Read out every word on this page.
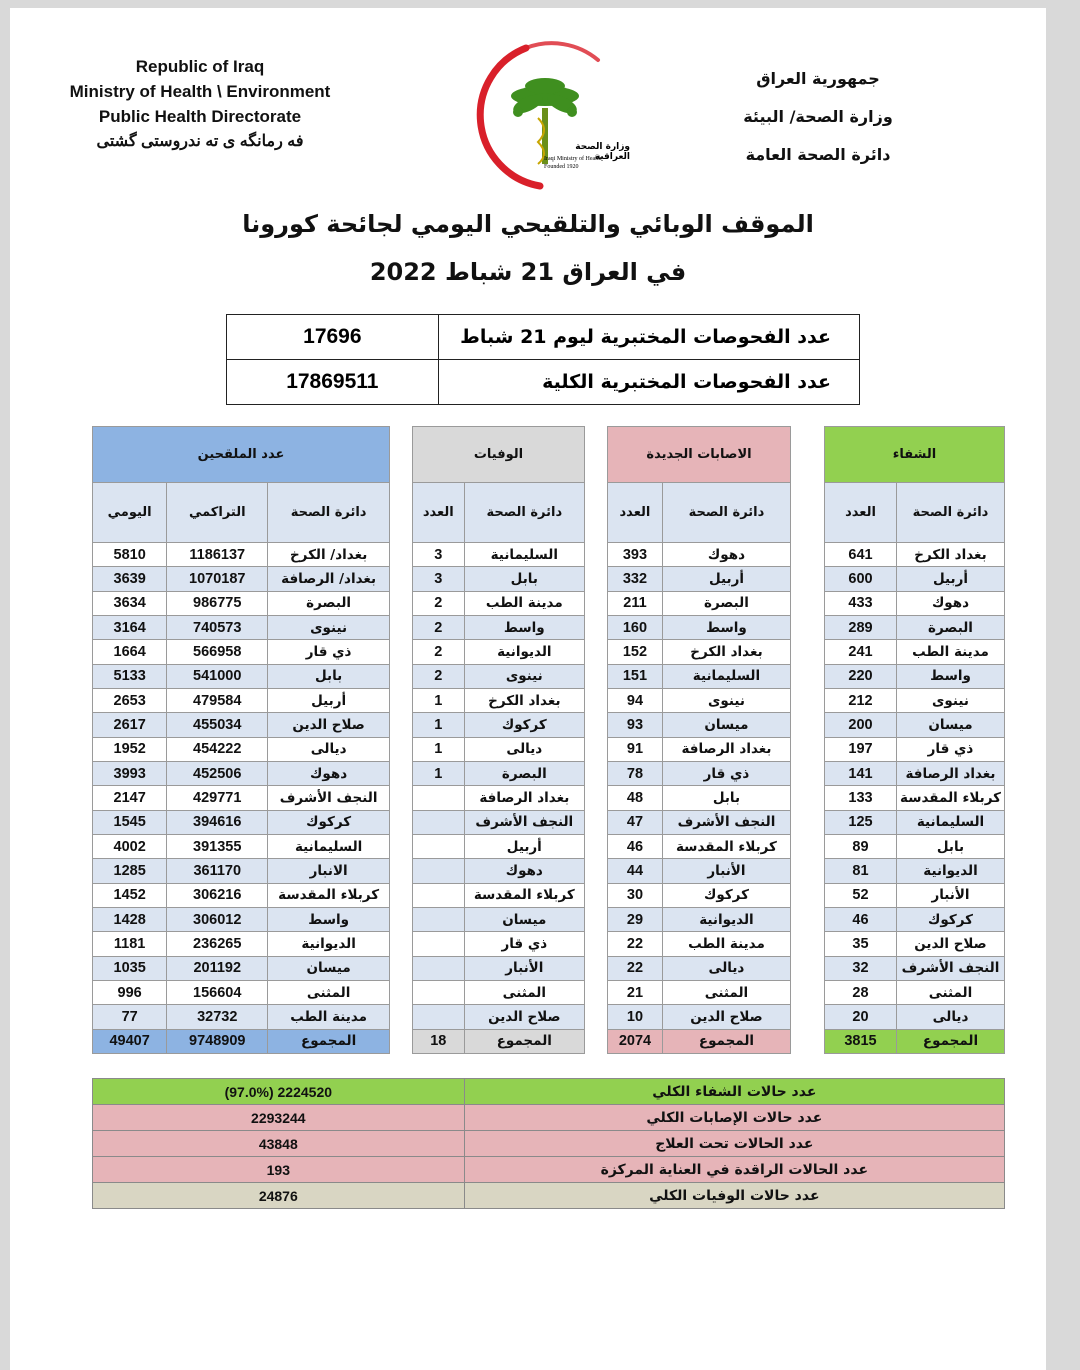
Republic of Iraq
Ministry of Health \ Environment
Public Health Directorate
فه رمانگه ی ته ندروستی گشتی	وزارة الصحة العراقية
Iraqi Ministry of Health
Founded 1920
جمهورية العراق
وزارة الصحة/ البيئة
دائرة الصحة العامة
الموقف الوبائي والتلقيحي اليومي لجائحة كورونا
في العراق 21 شباط 2022
17696	عدد الفحوصات المختبرية ليوم 21 شباط
17869511	عدد الفحوصات المختبرية الكلية
الشفاء	
دائرة الصحة	العدد
بغداد الكرخ	641
أربيل	600
دهوك	433
البصرة	289
مدينة الطب	241
واسط	220
نينوى	212
ميسان	200
ذي قار	197
بغداد الرصافة	141
كربلاء المقدسة	133
السليمانية	125
بابل	89
الديوانية	81
الأنبار	52
كركوك	46
صلاح الدين	35
النجف الأشرف	32
المثنى	28
ديالى	20
المجموع	3815
الاصابات الجديدة	
دائرة الصحة	العدد
دهوك	393
أربيل	332
البصرة	211
واسط	160
بغداد الكرخ	152
السليمانية	151
نينوى	94
ميسان	93
بغداد الرصافة	91
ذي قار	78
بابل	48
النجف الأشرف	47
كربلاء المقدسة	46
الأنبار	44
كركوك	30
الديوانية	29
مدينة الطب	22
ديالى	22
المثنى	21
صلاح الدين	10
المجموع	2074
الوفيات	
دائرة الصحة	العدد
السليمانية	3
بابل	3
مدينة الطب	2
واسط	2
الديوانية	2
نينوى	2
بغداد الكرخ	1
كركوك	1
ديالى	1
البصرة	1
بغداد الرصافة	
النجف الأشرف	
أربيل	
دهوك	
كربلاء المقدسة	
ميسان	
ذي قار	
الأنبار	
المثنى	
صلاح الدين	
المجموع	18
عدد الملقحين		
دائرة الصحة	التراكمي	اليومي
بغداد/ الكرخ	1186137	5810
بغداد/ الرصافة	1070187	3639
البصرة	986775	3634
نينوى	740573	3164
ذي قار	566958	1664
بابل	541000	5133
أربيل	479584	2653
صلاح الدين	455034	2617
ديالى	454222	1952
دهوك	452506	3993
النجف الأشرف	429771	2147
كركوك	394616	1545
السليمانية	391355	4002
الانبار	361170	1285
كربلاء المقدسة	306216	1452
واسط	306012	1428
الديوانية	236265	1181
ميسان	201192	1035
المثنى	156604	996
مدينة الطب	32732	77
المجموع	9748909	49407
عدد حالات الشفاء الكلي	2224520 (97.0%)
عدد حالات الإصابات الكلي	2293244
عدد الحالات تحت العلاج	43848
عدد الحالات الراقدة في العناية المركزة	193
عدد حالات الوفيات الكلي	24876
